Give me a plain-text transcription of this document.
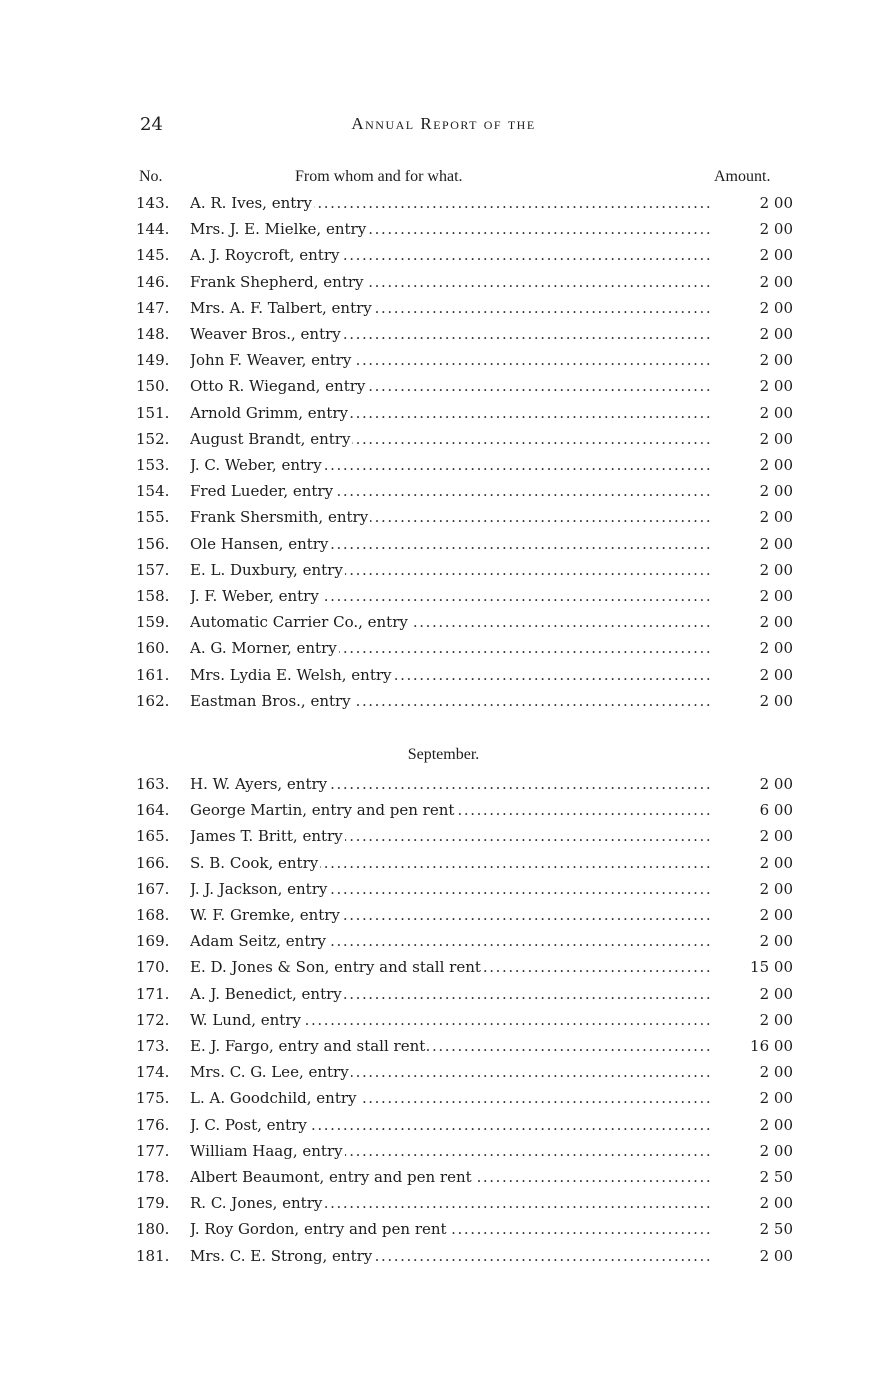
24	Annual Report of the
No.	From whom and for what.	Amount.
143.	A. R. Ives, entry .....	2 00
144.	Mrs. J. E. Mielke, entry .....	2 00
145.	A. J. Roycroft, entry .....	2 00
146.	Frank Shepherd, entry .....	2 00
147.	Mrs. A. F. Talbert, entry .....	2 00
148.	Weaver Bros., entry .....	2 00
149.	John F. Weaver, entry .....	2 00
150.	Otto R. Wiegand, entry .....	2 00
151.	Arnold Grimm, entry .....	2 00
152.	August Brandt, entry .....	2 00
153.	J. C. Weber, entry .....	2 00
154.	Fred Lueder, entry .....	2 00
155.	Frank Shersmith, entry .....	2 00
156.	Ole Hansen, entry .....	2 00
157.	E. L. Duxbury, entry .....	2 00
158.	J. F. Weber, entry .....	2 00
159.	Automatic Carrier Co., entry .....	2 00
160.	A. G. Morner, entry .....	2 00
161.	Mrs. Lydia E. Welsh, entry .....	2 00
162.	Eastman Bros., entry .....	2 00
September.
163.	H. W. Ayers, entry .....	2 00
164.	George Martin, entry and pen rent .....	6 00
165.	James T. Britt, entry .....	2 00
166.	S. B. Cook, entry .....	2 00
167.	J. J. Jackson, entry .....	2 00
168.	W. F. Gremke, entry .....	2 00
169.	Adam Seitz, entry .....	2 00
170.	E. D. Jones & Son, entry and stall rent .....	15 00
171.	A. J. Benedict, entry .....	2 00
172.	W. Lund, entry .....	2 00
173.	E. J. Fargo, entry and stall rent .....	16 00
174.	Mrs. C. G. Lee, entry .....	2 00
175.	L. A. Goodchild, entry .....	2 00
176.	J. C. Post, entry .....	2 00
177.	William Haag, entry .....	2 00
178.	Albert Beaumont, entry and pen rent .....	2 50
179.	R. C. Jones, entry .....	2 00
180.	J. Roy Gordon, entry and pen rent .....	2 50
181.	Mrs. C. E. Strong, entry .....	2 00
